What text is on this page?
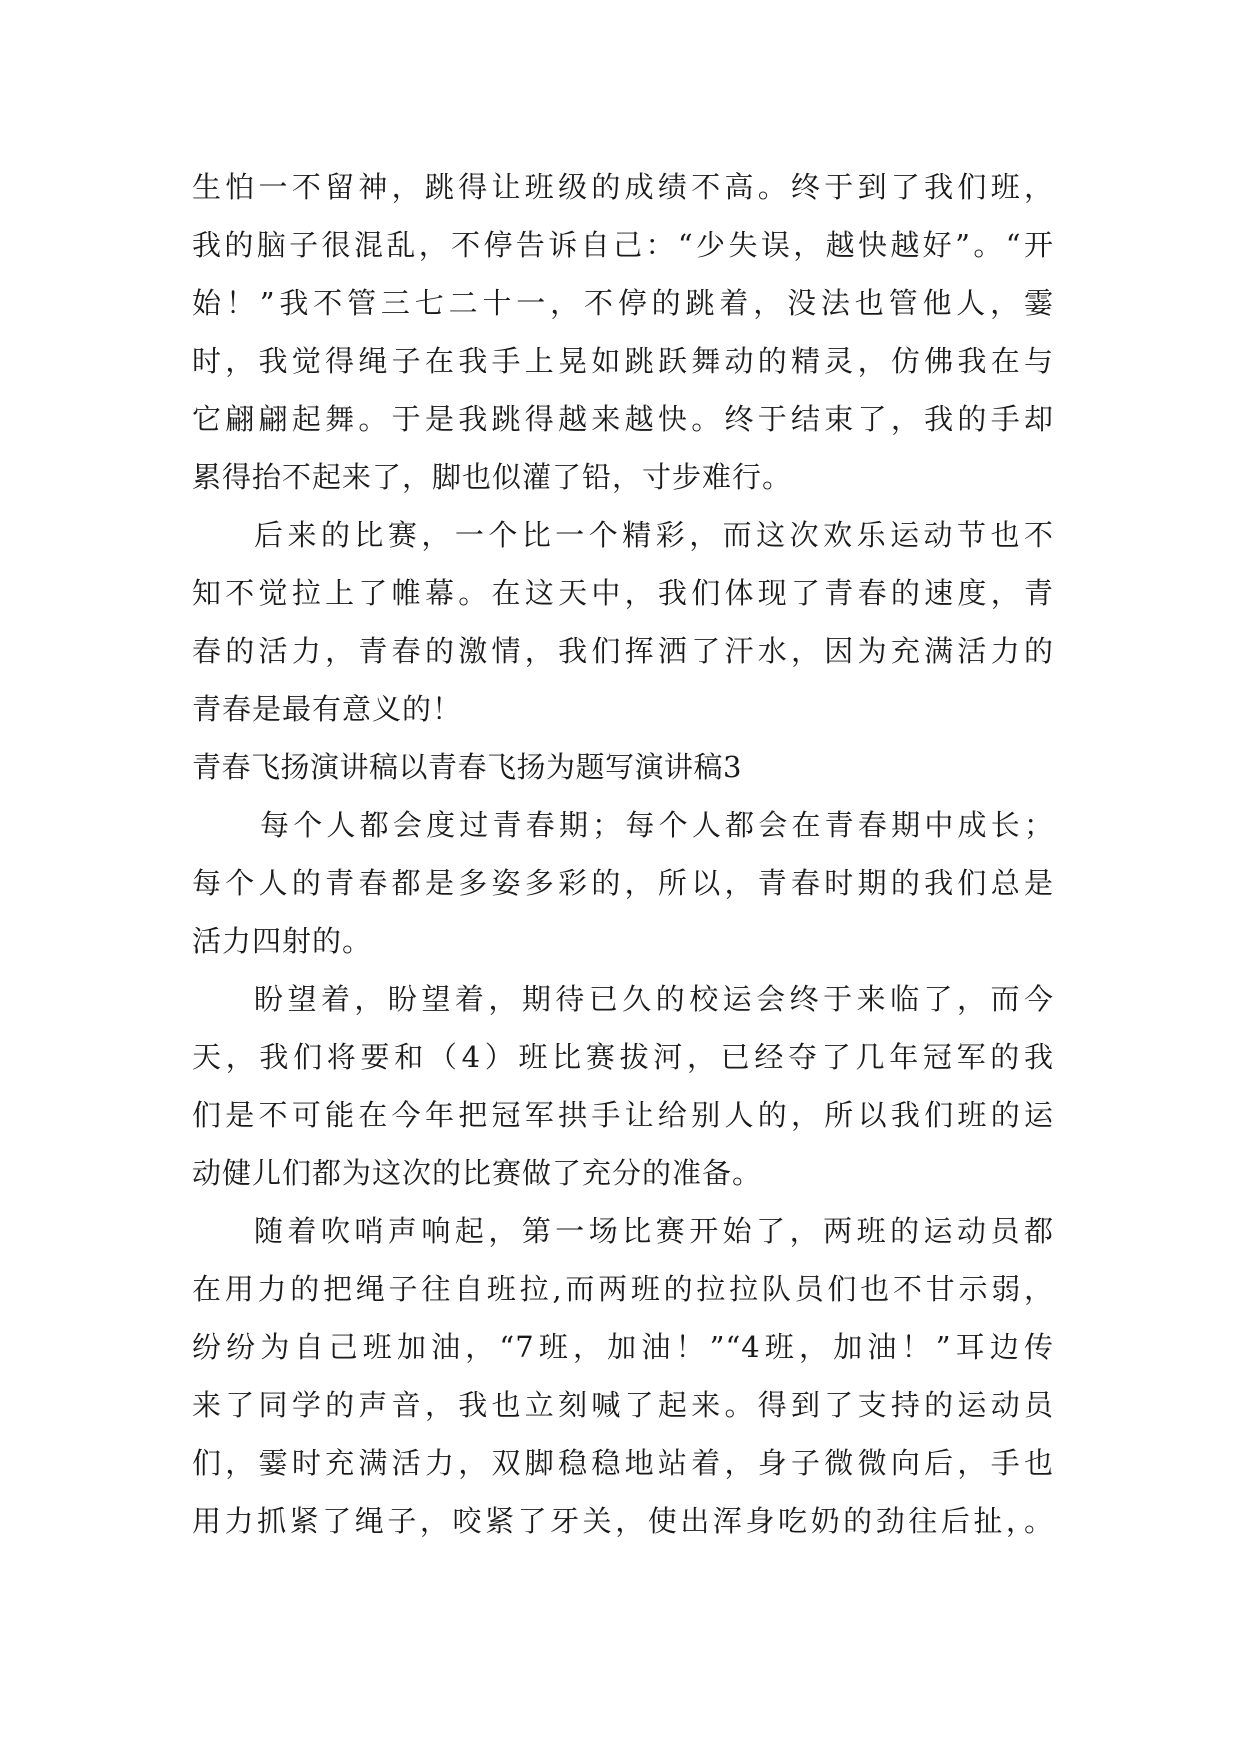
生怕一不留神，跳得让班级的成绩不高。终于到了我们班，
我的脑子很混乱，不停告诉自己：“少失误，越快越好”。“开
始！”我不管三七二十一，不停的跳着，没法也管他人，霎
时，我觉得绳子在我手上晃如跳跃舞动的精灵，仿佛我在与
它翩翩起舞。于是我跳得越来越快。终于结束了，我的手却
累得抬不起来了，脚也似灌了铅，寸步难行。
后来的比赛，一个比一个精彩，而这次欢乐运动节也不
知不觉拉上了帷幕。在这天中，我们体现了青春的速度，青
春的活力，青春的激情，我们挥洒了汗水，因为充满活力的
青春是最有意义的！
青春飞扬演讲稿以青春飞扬为题写演讲稿3
每个人都会度过青春期；每个人都会在青春期中成长；
每个人的青春都是多姿多彩的，所以，青春时期的我们总是
活力四射的。
盼望着，盼望着，期待已久的校运会终于来临了，而今
天，我们将要和（4）班比赛拔河，已经夺了几年冠军的我
们是不可能在今年把冠军拱手让给别人的，所以我们班的运
动健儿们都为这次的比赛做了充分的准备。
随着吹哨声响起，第一场比赛开始了，两班的运动员都
在用力的把绳子往自班拉,而两班的拉拉队员们也不甘示弱，
纷纷为自己班加油，“7班，加油！”“4班，加油！”耳边传
来了同学的声音，我也立刻喊了起来。得到了支持的运动员
们，霎时充满活力，双脚稳稳地站着，身子微微向后，手也
用力抓紧了绳子，咬紧了牙关，使出浑身吃奶的劲往后扯，。
